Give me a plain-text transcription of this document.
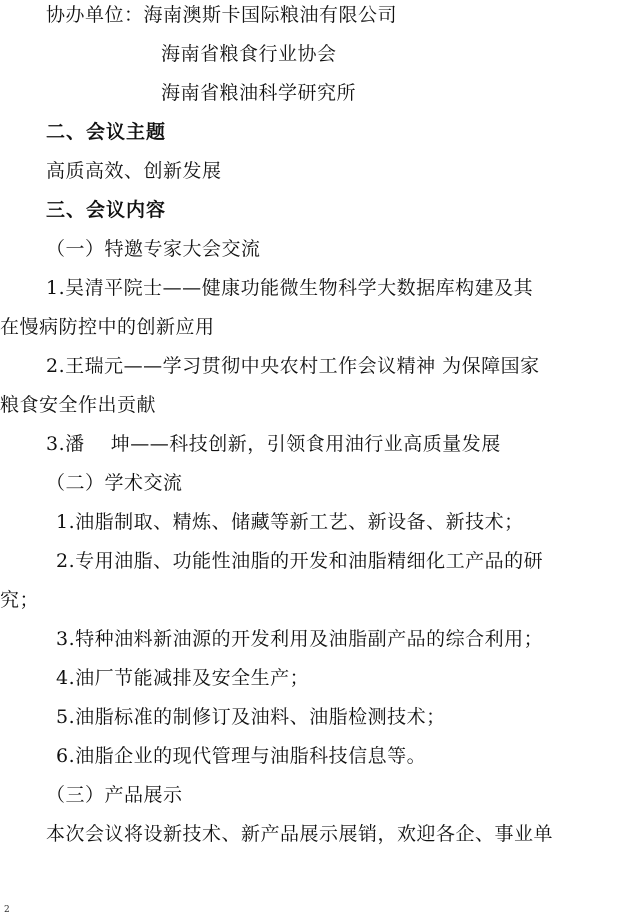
协办单位：海南澳斯卡国际粮油有限公司
海南省粮食行业协会
海南省粮油科学研究所
二、会议主题
高质高效、创新发展
三、会议内容
（一）特邀专家大会交流
1.吴清平院士——健康功能微生物科学大数据库构建及其
在慢病防控中的创新应用
2.王瑞元——学习贯彻中央农村工作会议精神 为保障国家
粮食安全作出贡献
3.潘    坤——科技创新，引领食用油行业高质量发展
（二）学术交流
1.油脂制取、精炼、储藏等新工艺、新设备、新技术；
2.专用油脂、功能性油脂的开发和油脂精细化工产品的研
究；
3.特种油料新油源的开发利用及油脂副产品的综合利用；
4.油厂节能减排及安全生产；
5.油脂标准的制修订及油料、油脂检测技术；
6.油脂企业的现代管理与油脂科技信息等。
（三）产品展示
本次会议将设新技术、新产品展示展销，欢迎各企、事业单
2
